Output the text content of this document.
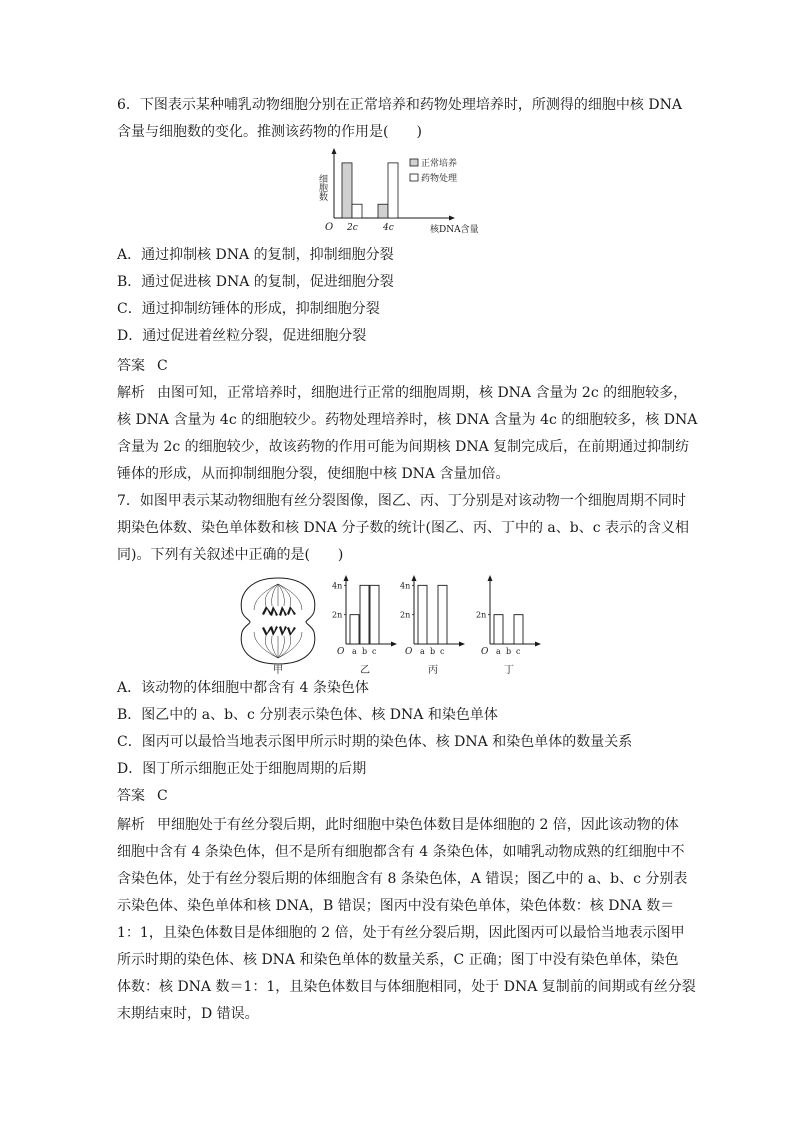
6．下图表示某种哺乳动物细胞分别在正常培养和药物处理培养时，所测得的细胞中核 DNA
含量与细胞数的变化。推测该药物的作用是(　　)
细胞数
O 2c	4c	核DNA含量
正常培养
药物处理
A．通过抑制核 DNA 的复制，抑制细胞分裂
B．通过促进核 DNA 的复制，促进细胞分裂
C．通过抑制纺锤体的形成，抑制细胞分裂
D．通过促进着丝粒分裂，促进细胞分裂
答案 C
解析 由图可知，正常培养时，细胞进行正常的细胞周期，核 DNA 含量为 2c 的细胞较多，
核 DNA 含量为 4c 的细胞较少。药物处理培养时，核 DNA 含量为 4c 的细胞较多，核 DNA
含量为 2c 的细胞较少，故该药物的作用可能为间期核 DNA 复制完成后，在前期通过抑制纺
锤体的形成，从而抑制细胞分裂，使细胞中核 DNA 含量加倍。
7．如图甲表示某动物细胞有丝分裂图像，图乙、丙、丁分别是对该动物一个细胞周期不同时
期染色体数、染色单体数和核 DNA 分子数的统计(图乙、丙、丁中的 a、b、c 表示的含义相
同)。下列有关叙述中正确的是(　　)
甲
2n
4n
O a b c
乙
2n
4n
O a b c
丙
2n
O a b c
丁
A．该动物的体细胞中都含有 4 条染色体
B．图乙中的 a、b、c 分别表示染色体、核 DNA 和染色单体
C．图丙可以最恰当地表示图甲所示时期的染色体、核 DNA 和染色单体的数量关系
D．图丁所示细胞正处于细胞周期的后期
答案 C
解析 甲细胞处于有丝分裂后期，此时细胞中染色体数目是体细胞的 2 倍，因此该动物的体
细胞中含有 4 条染色体，但不是所有细胞都含有 4 条染色体，如哺乳动物成熟的红细胞中不
含染色体，处于有丝分裂后期的体细胞含有 8 条染色体，A 错误；图乙中的 a、b、c 分别表
示染色体、染色单体和核 DNA，B 错误；图丙中没有染色单体，染色体数：核 DNA 数＝
1：1，且染色体数目是体细胞的 2 倍，处于有丝分裂后期，因此图丙可以最恰当地表示图甲
所示时期的染色体、核 DNA 和染色单体的数量关系，C 正确；图丁中没有染色单体，染色
体数：核 DNA 数＝1：1，且染色体数目与体细胞相同，处于 DNA 复制前的间期或有丝分裂
末期结束时，D 错误。
